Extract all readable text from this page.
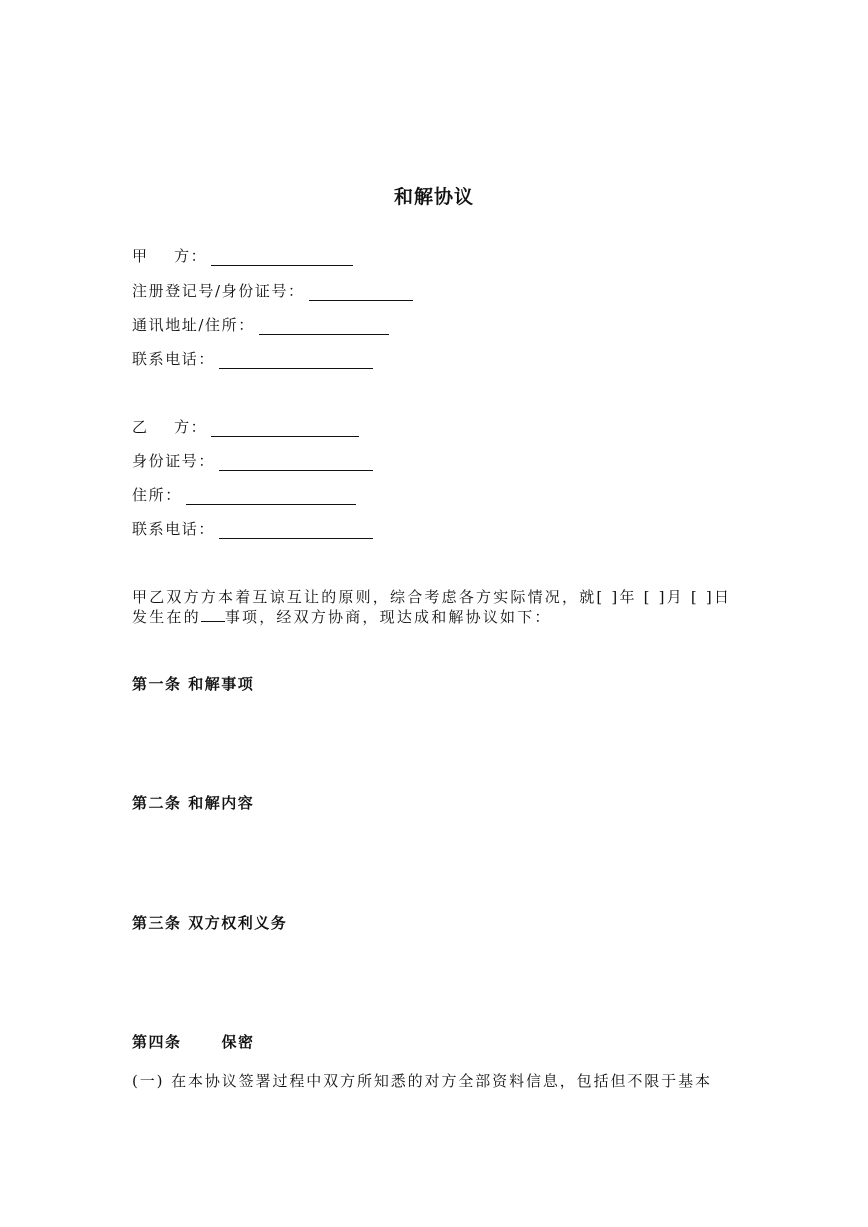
和解协议
甲    方：
注册登记号/身份证号：
通讯地址/住所：
联系电话：
乙    方：
身份证号：
住所：
联系电话：
甲乙双方方本着互谅互让的原则，综合考虑各方实际情况，就[ ]年 [ ]月 [ ]日发生在的 事项，经双方协商，现达成和解协议如下：
第一条 和解事项
第二条 和解内容
第三条 双方权利义务
第四条	保密
(一) 在本协议签署过程中双方所知悉的对方全部资料信息，包括但不限于基本
